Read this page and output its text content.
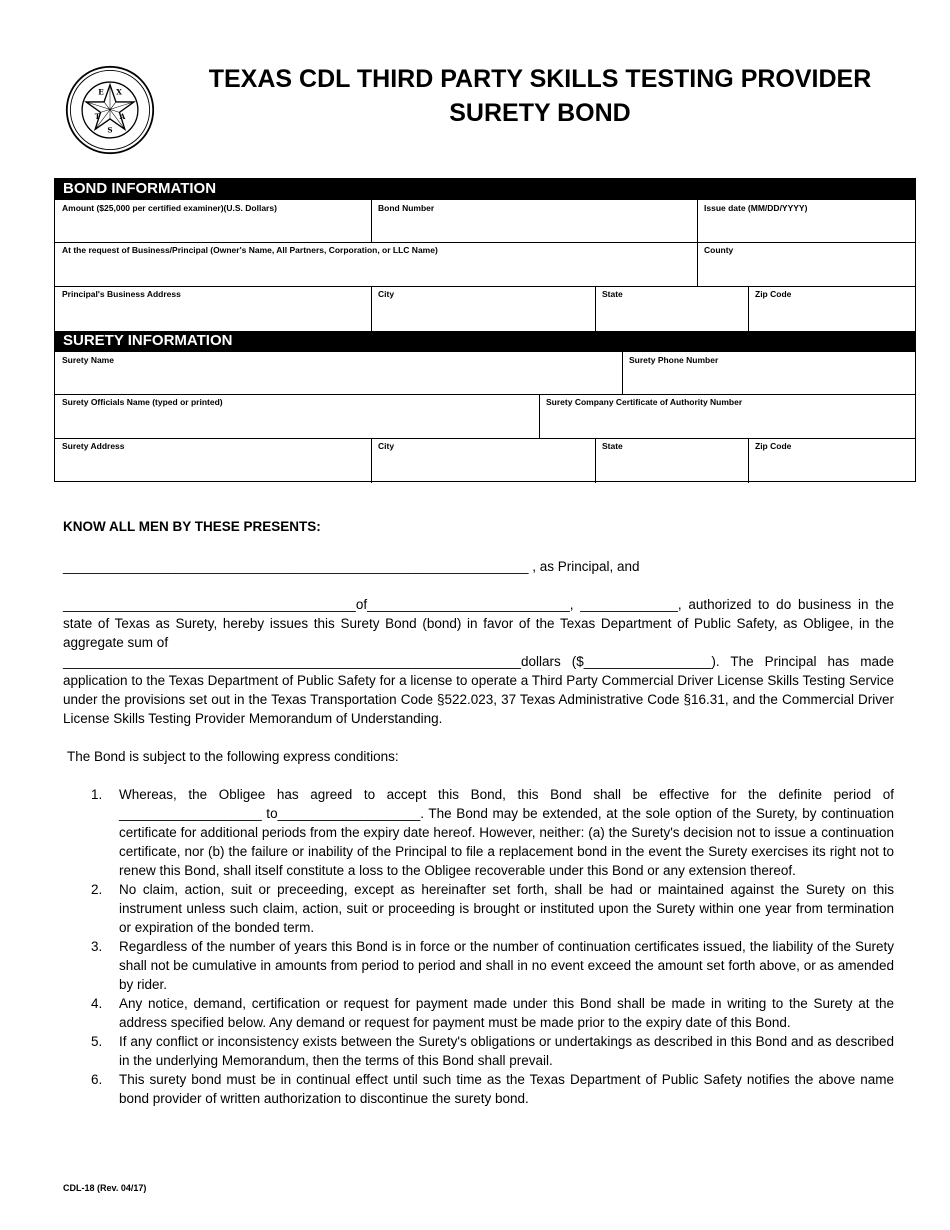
E X
T A
S
TEXAS CDL THIRD PARTY SKILLS TESTING PROVIDER
SURETY BOND
BOND INFORMATION
SURETY INFORMATION
Amount ($25,000 per certified examiner)(U.S. Dollars)	Bond Number	Issue date (MM/DD/YYYY)
At the request of Business/Principal (Owner's Name, All Partners, Corporation, or LLC Name)	County
Principal's Business Address	City	State	Zip Code
Surety Name	Surety Phone Number
Surety Officials Name (typed or printed)	Surety Company Certificate of Authority Number
Surety Address	City	State	Zip Code
KNOW ALL MEN BY THESE PRESENTS:
______________________________________________________________ , as Principal, and
_______________________________________of___________________________, _____________, authorized to do business in the state of Texas as Surety, hereby issues this Surety Bond (bond) in favor of the Texas Department of Public Safety, as Obligee, in the aggregate sum of
_____________________________________________________________dollars ($_________________). The Principal has made application to the Texas Department of Public Safety for a license to operate a Third Party Commercial Driver License Skills Testing Service under the provisions set out in the Texas Transportation Code §522.023, 37 Texas Administrative Code §16.31, and the Commercial Driver License Skills Testing Provider Memorandum of Understanding.
The Bond is subject to the following express conditions:
1. Whereas, the Obligee has agreed to accept this Bond, this Bond shall be effective for the definite period of ___________________ to___________________. The Bond may be extended, at the sole option of the Surety, by continuation certificate for additional periods from the expiry date hereof. However, neither: (a) the Surety's decision not to issue a continuation certificate, nor (b) the failure or inability of the Principal to file a replacement bond in the event the Surety exercises its right not to renew this Bond, shall itself constitute a loss to the Obligee recoverable under this Bond or any extension thereof.
2. No claim, action, suit or preceeding, except as hereinafter set forth, shall be had or maintained against the Surety on this instrument unless such claim, action, suit or proceeding is brought or instituted upon the Surety within one year from termination or expiration of the bonded term.
3. Regardless of the number of years this Bond is in force or the number of continuation certificates issued, the liability of the Surety shall not be cumulative in amounts from period to period and shall in no event exceed the amount set forth above, or as amended by rider.
4. Any notice, demand, certification or request for payment made under this Bond shall be made in writing to the Surety at the address specified below. Any demand or request for payment must be made prior to the expiry date of this Bond.
5. If any conflict or inconsistency exists between the Surety's obligations or undertakings as described in this Bond and as described in the underlying Memorandum, then the terms of this Bond shall prevail.
6. This surety bond must be in continual effect until such time as the Texas Department of Public Safety notifies the above name bond provider of written authorization to discontinue the surety bond.
CDL-18 (Rev. 04/17)
